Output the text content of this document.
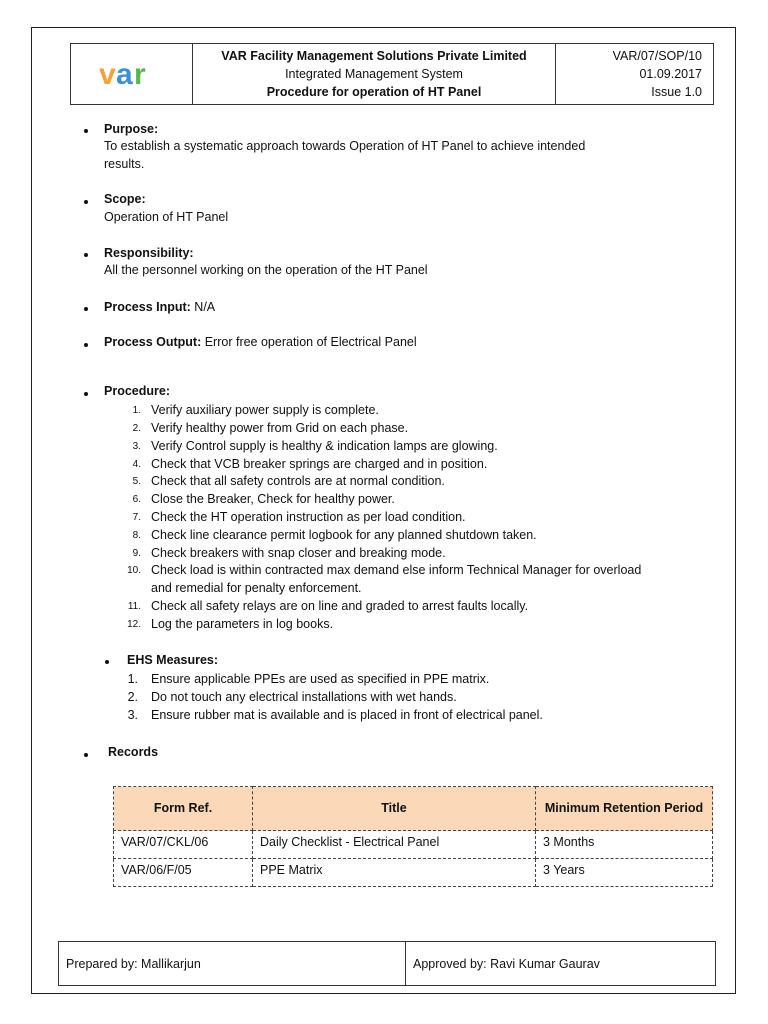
v a r

VAR Facility Management Solutions Private Limited
Integrated Management System
Procedure for operation of HT Panel

VAR/07/SOP/10
01.09.2017
Issue 1.0
Purpose:
To establish a systematic approach towards Operation of HT Panel to achieve intended
results.
Scope:
Operation of HT Panel
Responsibility:
All the personnel working on the operation of the HT Panel
Process Input: N/A
Process Output: Error free operation of Electrical Panel
Procedure:
1. Verify auxiliary power supply is complete.
2. Verify healthy power from Grid on each phase.
3. Verify Control supply is healthy & indication lamps are glowing.
4. Check that VCB breaker springs are charged and in position.
5. Check that all safety controls are at normal condition.
6. Close the Breaker, Check for healthy power.
7. Check the HT operation instruction as per load condition.
8. Check line clearance permit logbook for any planned shutdown taken.
9. Check breakers with snap closer and breaking mode.
10. Check load is within contracted max demand else inform Technical Manager for overload
and remedial for penalty enforcement.
11. Check all safety relays are on line and graded to arrest faults locally.
12. Log the parameters in log books.
EHS Measures:
1. Ensure applicable PPEs are used as specified in PPE matrix.
2. Do not touch any electrical installations with wet hands.
3. Ensure rubber mat is available and is placed in front of electrical panel.
Records
Form Ref.	Title	Minimum Retention Period
VAR/07/CKL/06	Daily Checklist - Electrical Panel	3 Months
VAR/06/F/05	PPE Matrix	3 Years
Prepared by: Mallikarjun	Approved by: Ravi Kumar Gaurav
